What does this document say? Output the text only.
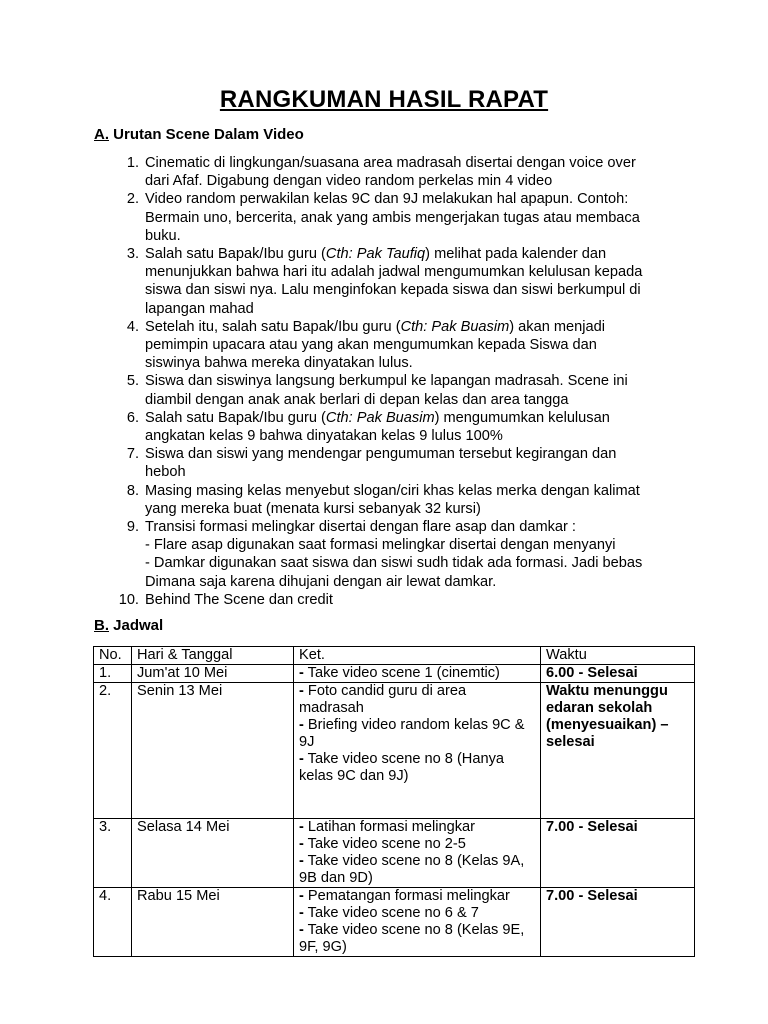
RANGKUMAN HASIL RAPAT
A. Urutan Scene Dalam Video
1. Cinematic di lingkungan/suasana area madrasah disertai dengan voice over
dari Afaf. Digabung dengan video random perkelas min 4 video
2. Video random perwakilan kelas 9C dan 9J melakukan hal apapun. Contoh:
Bermain uno, bercerita, anak yang ambis mengerjakan tugas atau membaca
buku.
3. Salah satu Bapak/Ibu guru (Cth: Pak Taufiq) melihat pada kalender dan
menunjukkan bahwa hari itu adalah jadwal mengumumkan kelulusan kepada
siswa dan siswi nya. Lalu menginfokan kepada siswa dan siswi berkumpul di
lapangan mahad
4. Setelah itu, salah satu Bapak/Ibu guru (Cth: Pak Buasim) akan menjadi
pemimpin upacara atau yang akan mengumumkan kepada Siswa dan
siswinya bahwa mereka dinyatakan lulus.
5. Siswa dan siswinya langsung berkumpul ke lapangan madrasah. Scene ini
diambil dengan anak anak berlari di depan kelas dan area tangga
6. Salah satu Bapak/Ibu guru (Cth: Pak Buasim) mengumumkan kelulusan
angkatan kelas 9 bahwa dinyatakan kelas 9 lulus 100%
7. Siswa dan siswi yang mendengar pengumuman tersebut kegirangan dan
heboh
8. Masing masing kelas menyebut slogan/ciri khas kelas merka dengan kalimat
yang mereka buat (menata kursi sebanyak 32 kursi)
9. Transisi formasi melingkar disertai dengan flare asap dan damkar :
- Flare asap digunakan saat formasi melingkar disertai dengan menyanyi
- Damkar digunakan saat siswa dan siswi sudh tidak ada formasi. Jadi bebas
Dimana saja karena dihujani dengan air lewat damkar.
10. Behind The Scene dan credit
B. Jadwal
No.	Hari & Tanggal	Ket.	Waktu
1.	Jum'at 10 Mei	- Take video scene 1 (cinemtic)	6.00 - Selesai
2.	Senin 13 Mei	- Foto candid guru di area madrasah
- Briefing video random kelas 9C & 9J
- Take video scene no 8 (Hanya kelas 9C dan 9J)	Waktu menunggu edaran sekolah (menyesuaikan) – selesai
3.	Selasa 14 Mei	- Latihan formasi melingkar
- Take video scene no 2-5
- Take video scene no 8 (Kelas 9A, 9B dan 9D)	7.00 - Selesai
4.	Rabu 15 Mei	- Pematangan formasi melingkar
- Take video scene no 6 & 7
- Take video scene no 8 (Kelas 9E, 9F, 9G)	7.00 - Selesai
